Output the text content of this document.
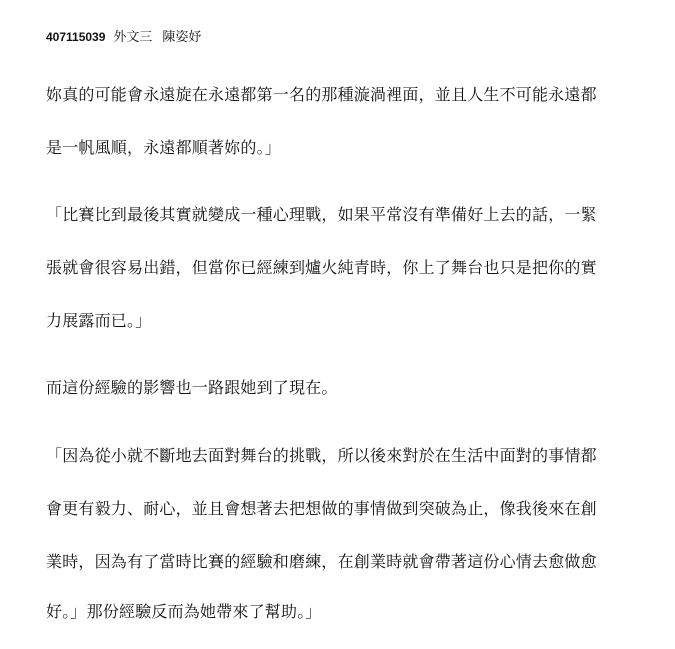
407115039 外文三 陳姿妤
妳真的可能會永遠旋在永遠都第一名的那種漩渦裡面，並且人生不可能永遠都
是一帆風順，永遠都順著妳的。」
「比賽比到最後其實就變成一種心理戰，如果平常沒有準備好上去的話，一緊
張就會很容易出錯，但當你已經練到爐火純青時，你上了舞台也只是把你的實
力展露而已。」
而這份經驗的影響也一路跟她到了現在。
「因為從小就不斷地去面對舞台的挑戰，所以後來對於在生活中面對的事情都
會更有毅力、耐心，並且會想著去把想做的事情做到突破為止，像我後來在創
業時，因為有了當時比賽的經驗和磨練，在創業時就會帶著這份心情去愈做愈
好。」那份經驗反而為她帶來了幫助。」
